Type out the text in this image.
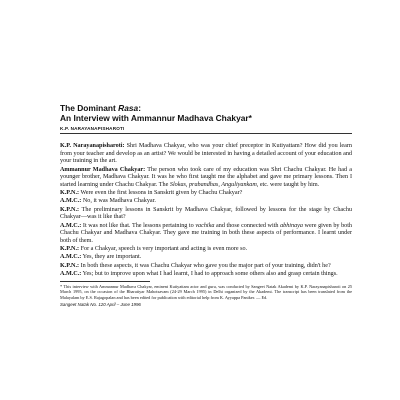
The Dominant Rasa:
An Interview with Ammannur Madhava Chakyar*
K.P. NARAYANAPISHAROTI

K.P. Narayanapisharoti: Shri Madhava Chakyar, who was your chief preceptor in Kutiyattam? How did you learn from your teacher and develop as an artist? We would be interested in having a detailed account of your education and your training in the art.

Ammannur Madhava Chakyar: The person who took care of my education was Shri Chachu Chakyar. He had a younger brother, Madhava Chakyar. It was he who first taught me the alphabet and gave me primary lessons. Then I started learning under Chachu Chakyar. The Slokas, prabandhas, Anguliyankam, etc. were taught by him.

K.P.N.: Were even the first lessons in Sanskrit given by Chachu Chakyar?

A.M.C.: No, it was Madhava Chakyar.

K.P.N.: The preliminary lessons in Sanskrit by Madhava Chakyar, followed by lessons for the stage by Chachu Chakyar—was it like that?

A.M.C.: It was not like that. The lessons pertaining to vachika and those connected with abhinaya were given by both Chachu Chakyar and Madhava Chakyar. They gave me training in both these aspects of performance. I learnt under both of them.

K.P.N.: For a Chakyar, speech is very important and acting is even more so.

A.M.C.: Yes, they are important.

K.P.N.: In both these aspects, it was Chachu Chakyar who gave you the major part of your training, didn't he?

A.M.C.: Yes; but to improve upon what I had learnt, I had to approach some others also and grasp certain things.

* This interview with Ammannur Madhava Chakyar, eminent Kutiyattam actor and guru, was conducted by Sangeet Natak Akademi by K.P. Narayanapisharoti on 25 March 1995, on the occasion of the Bharatiyar Mahotsavam (24-29 March 1995) in Delhi organized by the Akademi. The transcript has been translated from the Malayalam by E.S. Rajagopalan and has been edited for publication with editorial help from K. Ayyappa Paniker. — Ed.
Sangeet Natak No. 120 April – June 1996
